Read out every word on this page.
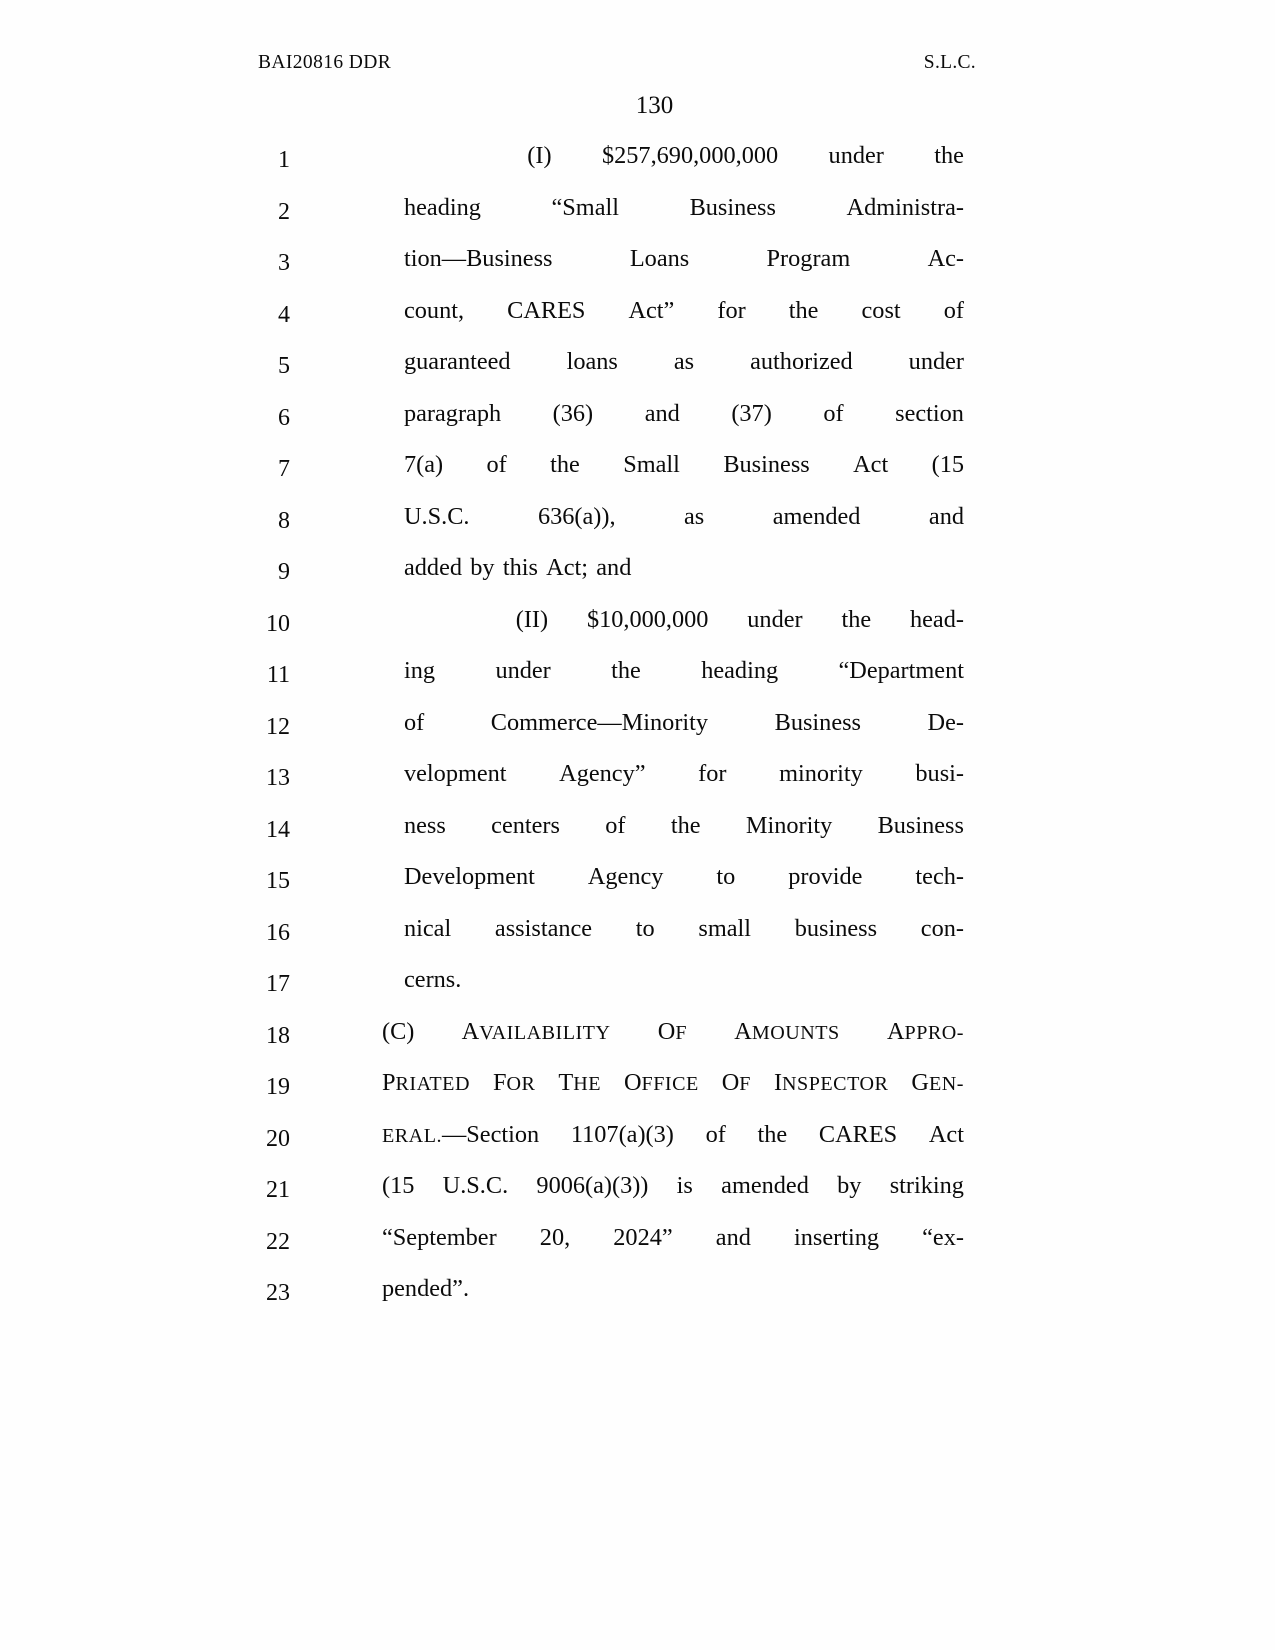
BAI20816 DDR	S.L.C.
130
1
      	(I) $257,690,000,000 under the
2	heading	“Small	Business	Administra-
3	tion—Business	Loans	Program	Ac-
4	count, CARES Act” for the cost of
5	guaranteed loans as authorized under
6	paragraph (36) and (37) of section
7	7(a) of the Small Business Act (15
8	U.S.C.	636(a)),	as	amended	and
9	added by this Act; and
10
      	(II) $10,000,000 under the head-
11	ing under the heading “Department
12	of	Commerce—Minority	Business	De-
13	velopment Agency” for minority busi-
14	ness centers of the Minority Business
15	Development Agency to provide tech-
16	nical assistance to small business con-
17	cerns.
18	(C) AVAILABILITY OF AMOUNTS APPRO-
19	PRIATED FOR THE OFFICE OF INSPECTOR GEN-
20	ERAL.—Section 1107(a)(3) of the CARES Act
21	(15 U.S.C. 9006(a)(3)) is amended by striking
22	“September 20, 2024” and inserting “ex-
23	pended”.
